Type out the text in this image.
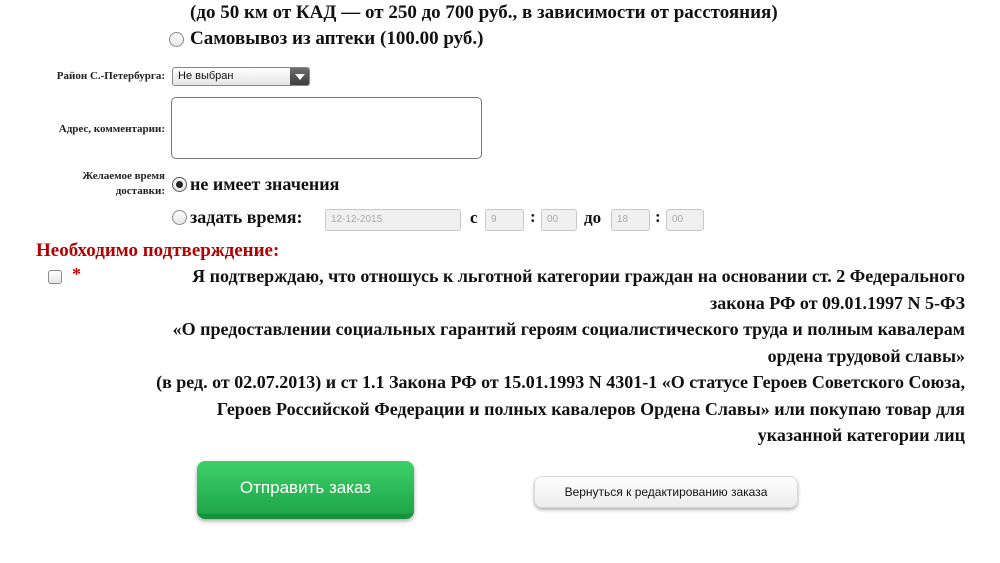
(до 50 км от КАД — от 250 до 700 руб., в зависимости от расстояния)
Самовывоз из аптеки (100.00 руб.)
Район С.-Петербурга:	Не выбран
Адрес, комментарии:
Желаемое время
доставки: не имеет значения
задать время:	12-12-2015	с	9	:	00	до	18	:	00
Необходимо подтверждение:
*	Я подтверждаю, что отношусь к льготной категории граждан на основании ст. 2 Федерального
закона РФ от 09.01.1997 N 5-ФЗ
«О предоставлении социальных гарантий героям социалистического труда и полным кавалерам
ордена трудовой славы»
(в ред. от 02.07.2013) и ст 1.1 Закона РФ от 15.01.1993 N 4301-1 «О статусе Героев Советского Союза,
Героев Российской Федерации и полных кавалеров Ордена Славы» или покупаю товар для
указанной категории лиц
Отправить заказ	Вернуться к редактированию заказа
